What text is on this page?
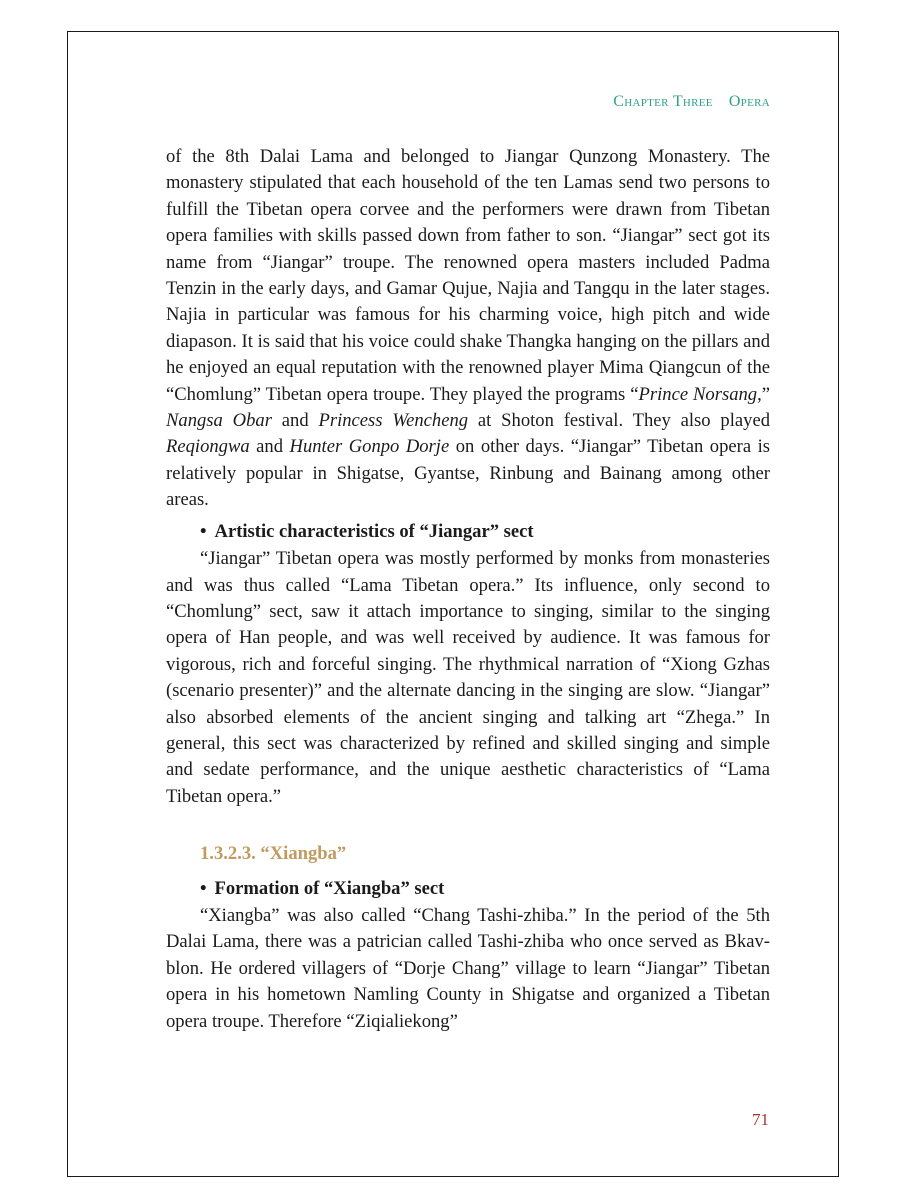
Chapter Three Opera

of the 8th Dalai Lama and belonged to Jiangar Qunzong Monastery. The monastery stipulated that each household of the ten Lamas send two persons to fulfill the Tibetan opera corvee and the performers were drawn from Tibetan opera families with skills passed down from father to son. “Jiangar” sect got its name from “Jiangar” troupe. The renowned opera masters included Padma Tenzin in the early days, and Gamar Qujue, Najia and Tangqu in the later stages. Najia in particular was famous for his charming voice, high pitch and wide diapason. It is said that his voice could shake Thangka hanging on the pillars and he enjoyed an equal reputation with the renowned player Mima Qiangcun of the “Chomlung” Tibetan opera troupe. They played the programs “Prince Norsang,” Nangsa Obar and Princess Wencheng at Shoton festival. They also played Reqiongwa and Hunter Gonpo Dorje on other days. “Jiangar” Tibetan opera is relatively popular in Shigatse, Gyantse, Rinbung and Bainang among other areas.

• Artistic characteristics of “Jiangar” sect

“Jiangar” Tibetan opera was mostly performed by monks from monasteries and was thus called “Lama Tibetan opera.” Its influence, only second to “Chomlung” sect, saw it attach importance to singing, similar to the singing opera of Han people, and was well received by audience. It was famous for vigorous, rich and forceful singing. The rhythmical narration of “Xiong Gzhas (scenario presenter)” and the alternate dancing in the singing are slow. “Jiangar” also absorbed elements of the ancient singing and talking art “Zhega.” In general, this sect was characterized by refined and skilled singing and simple and sedate performance, and the unique aesthetic characteristics of “Lama Tibetan opera.”

1.3.2.3. “Xiangba”
• Formation of “Xiangba” sect

“Xiangba” was also called “Chang Tashi-zhiba.” In the period of the 5th Dalai Lama, there was a patrician called Tashi-zhiba who once served as Bkav-blon. He ordered villagers of “Dorje Chang” village to learn “Jiangar” Tibetan opera in his hometown Namling County in Shigatse and organized a Tibetan opera troupe. Therefore “Ziqialiekong”

71
